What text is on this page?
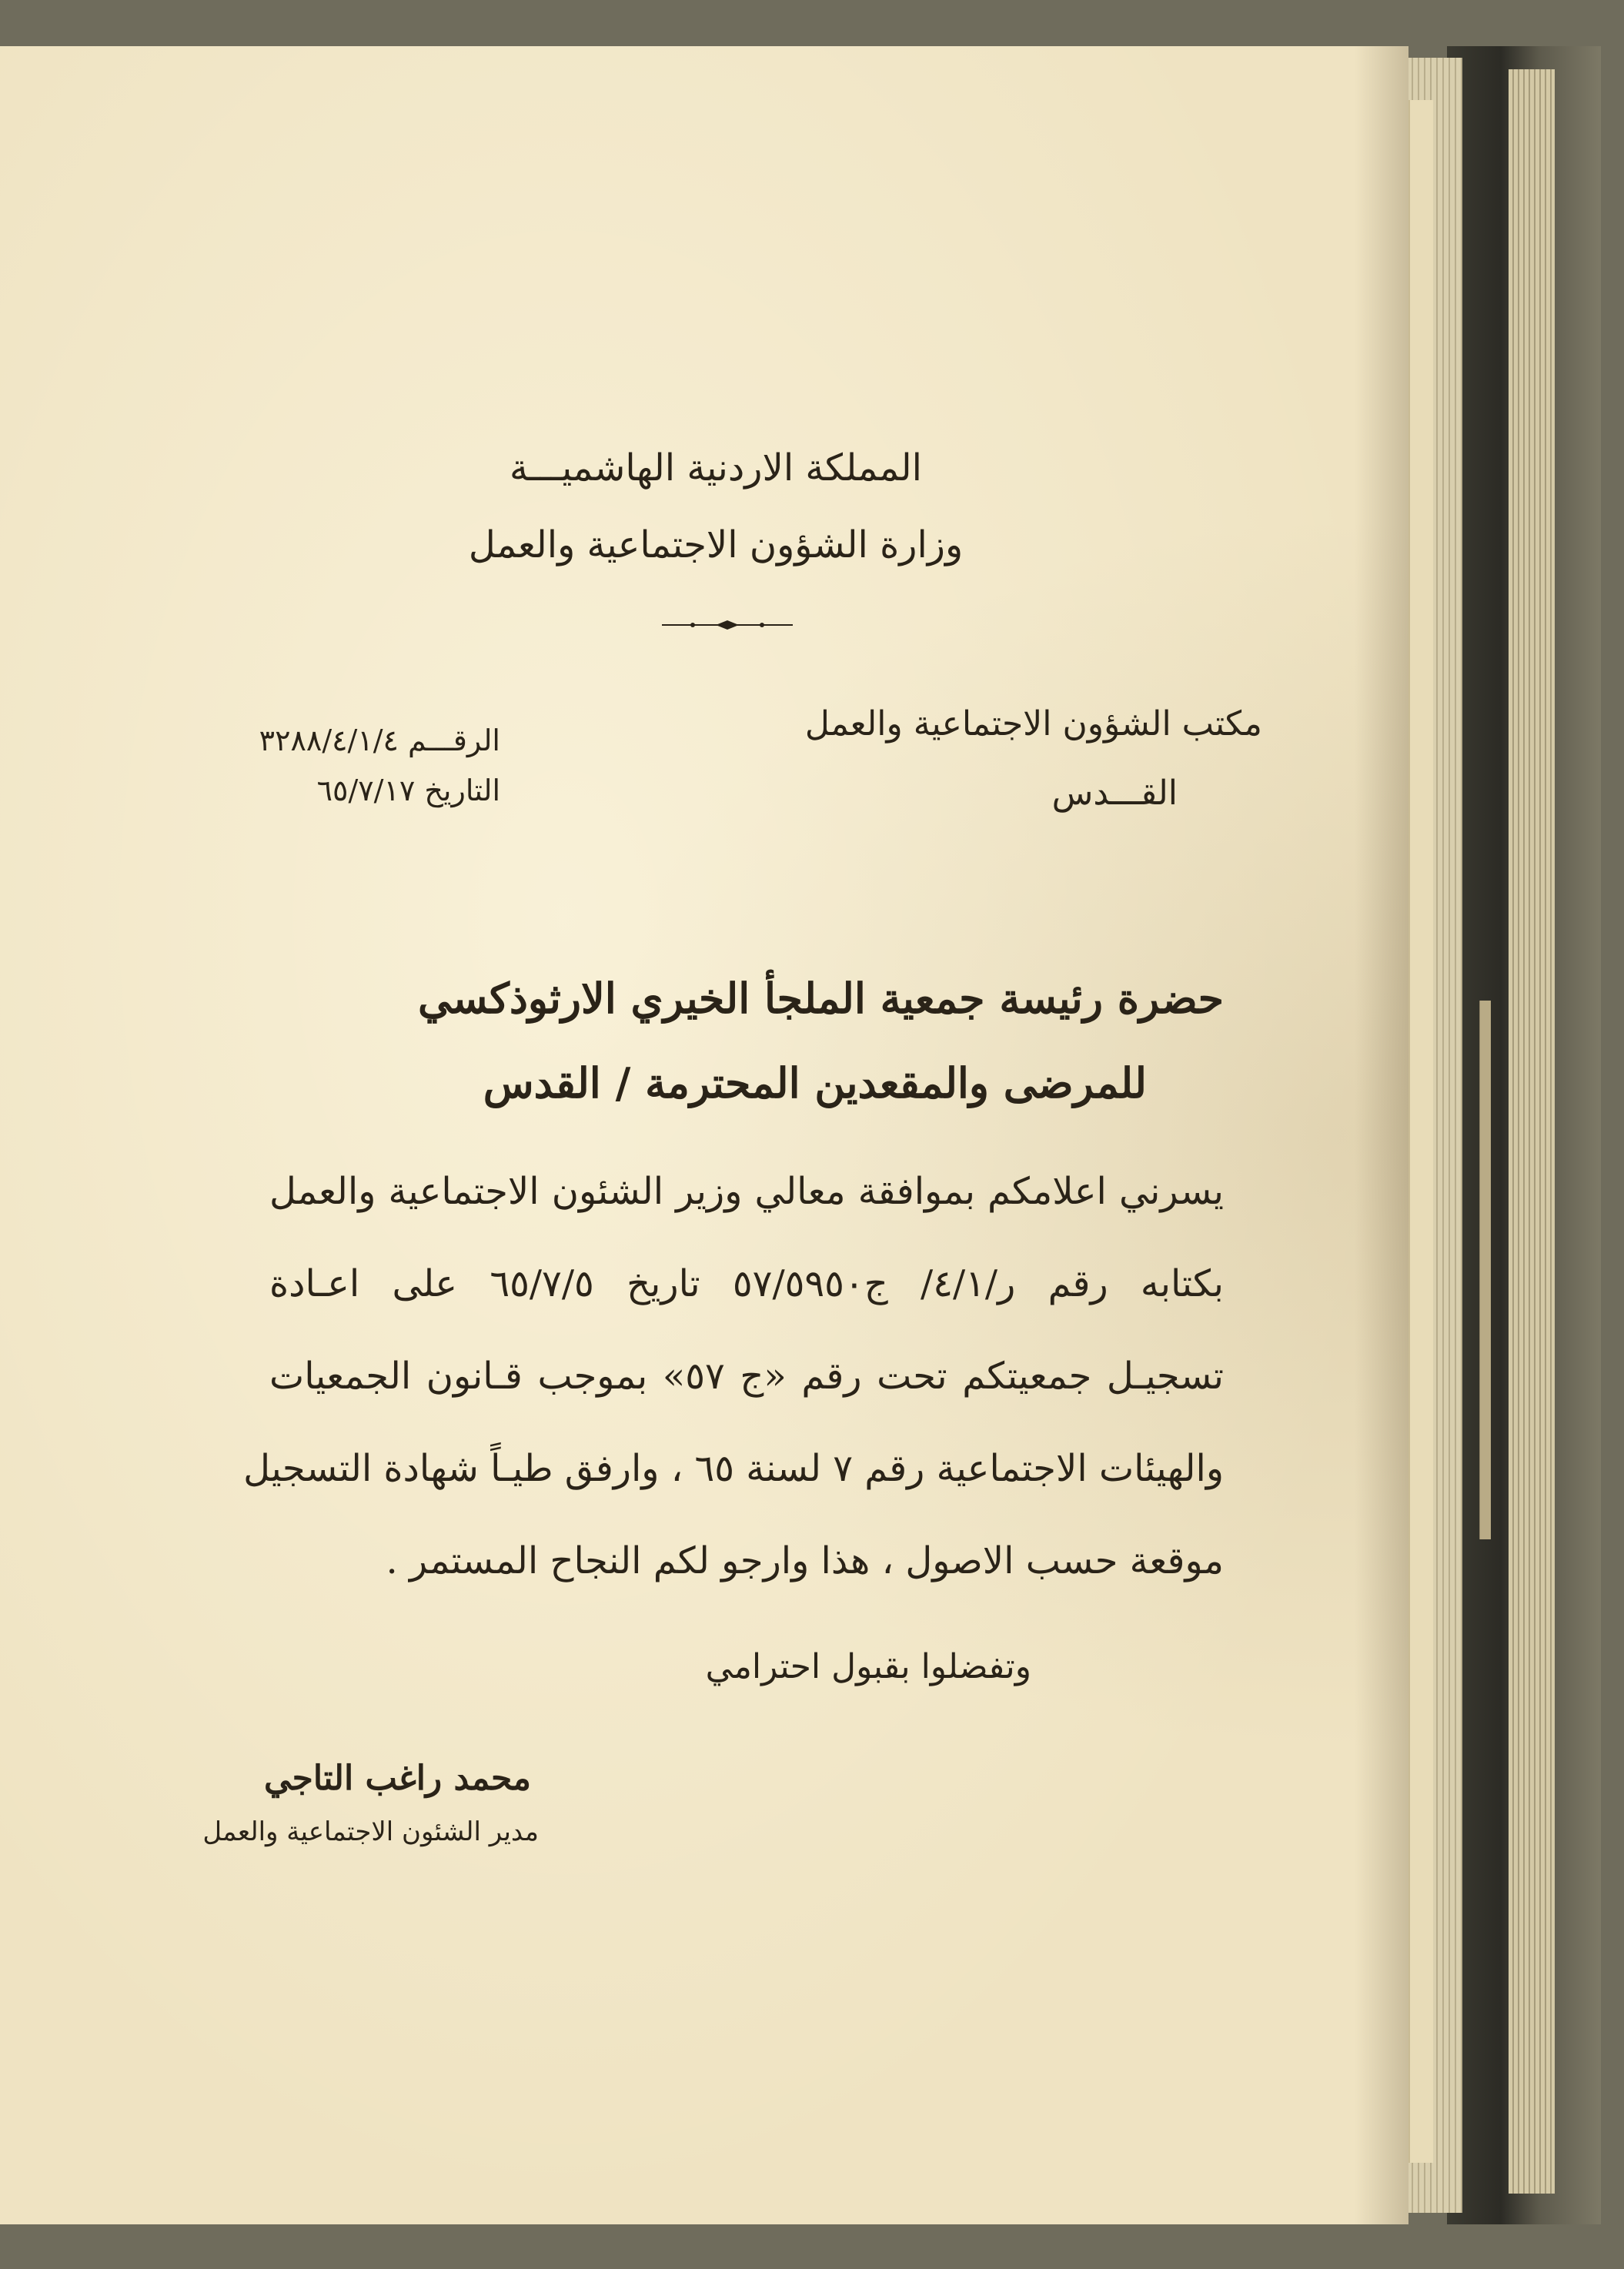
المملكة الاردنية الهاشميـــة
وزارة الشؤون الاجتماعية والعمل
مكتب الشؤون الاجتماعية والعمل
القـــدس
الرقـــم ٣٢٨٨/٤/١/٤
التاريخ ٦٥/٧/١٧
حضرة رئيسة جمعية الملجأ الخيري الارثوذكسي
للمرضى والمقعدين المحترمة / القدس
يسرني اعلامكم بموافقة معالي وزير الشئون الاجتماعية والعمل
بكتابه رقم ر/٤/١/ ج٥٧/٥٩٥٠ تاريخ ٦٥/٧/٥ على اعـادة
تسجيـل جمعيتكم تحت رقم «ج ٥٧» بموجب قـانون الجمعيات
والهيئات الاجتماعية رقم ٧ لسنة ٦٥ ، وارفق طيـاً شهادة التسجيل
موقعة حسب الاصول ، هذا وارجو لكم النجاح المستمر .
وتفضلوا بقبول احترامي
محمد راغب التاجي
مدير الشئون الاجتماعية والعمل
